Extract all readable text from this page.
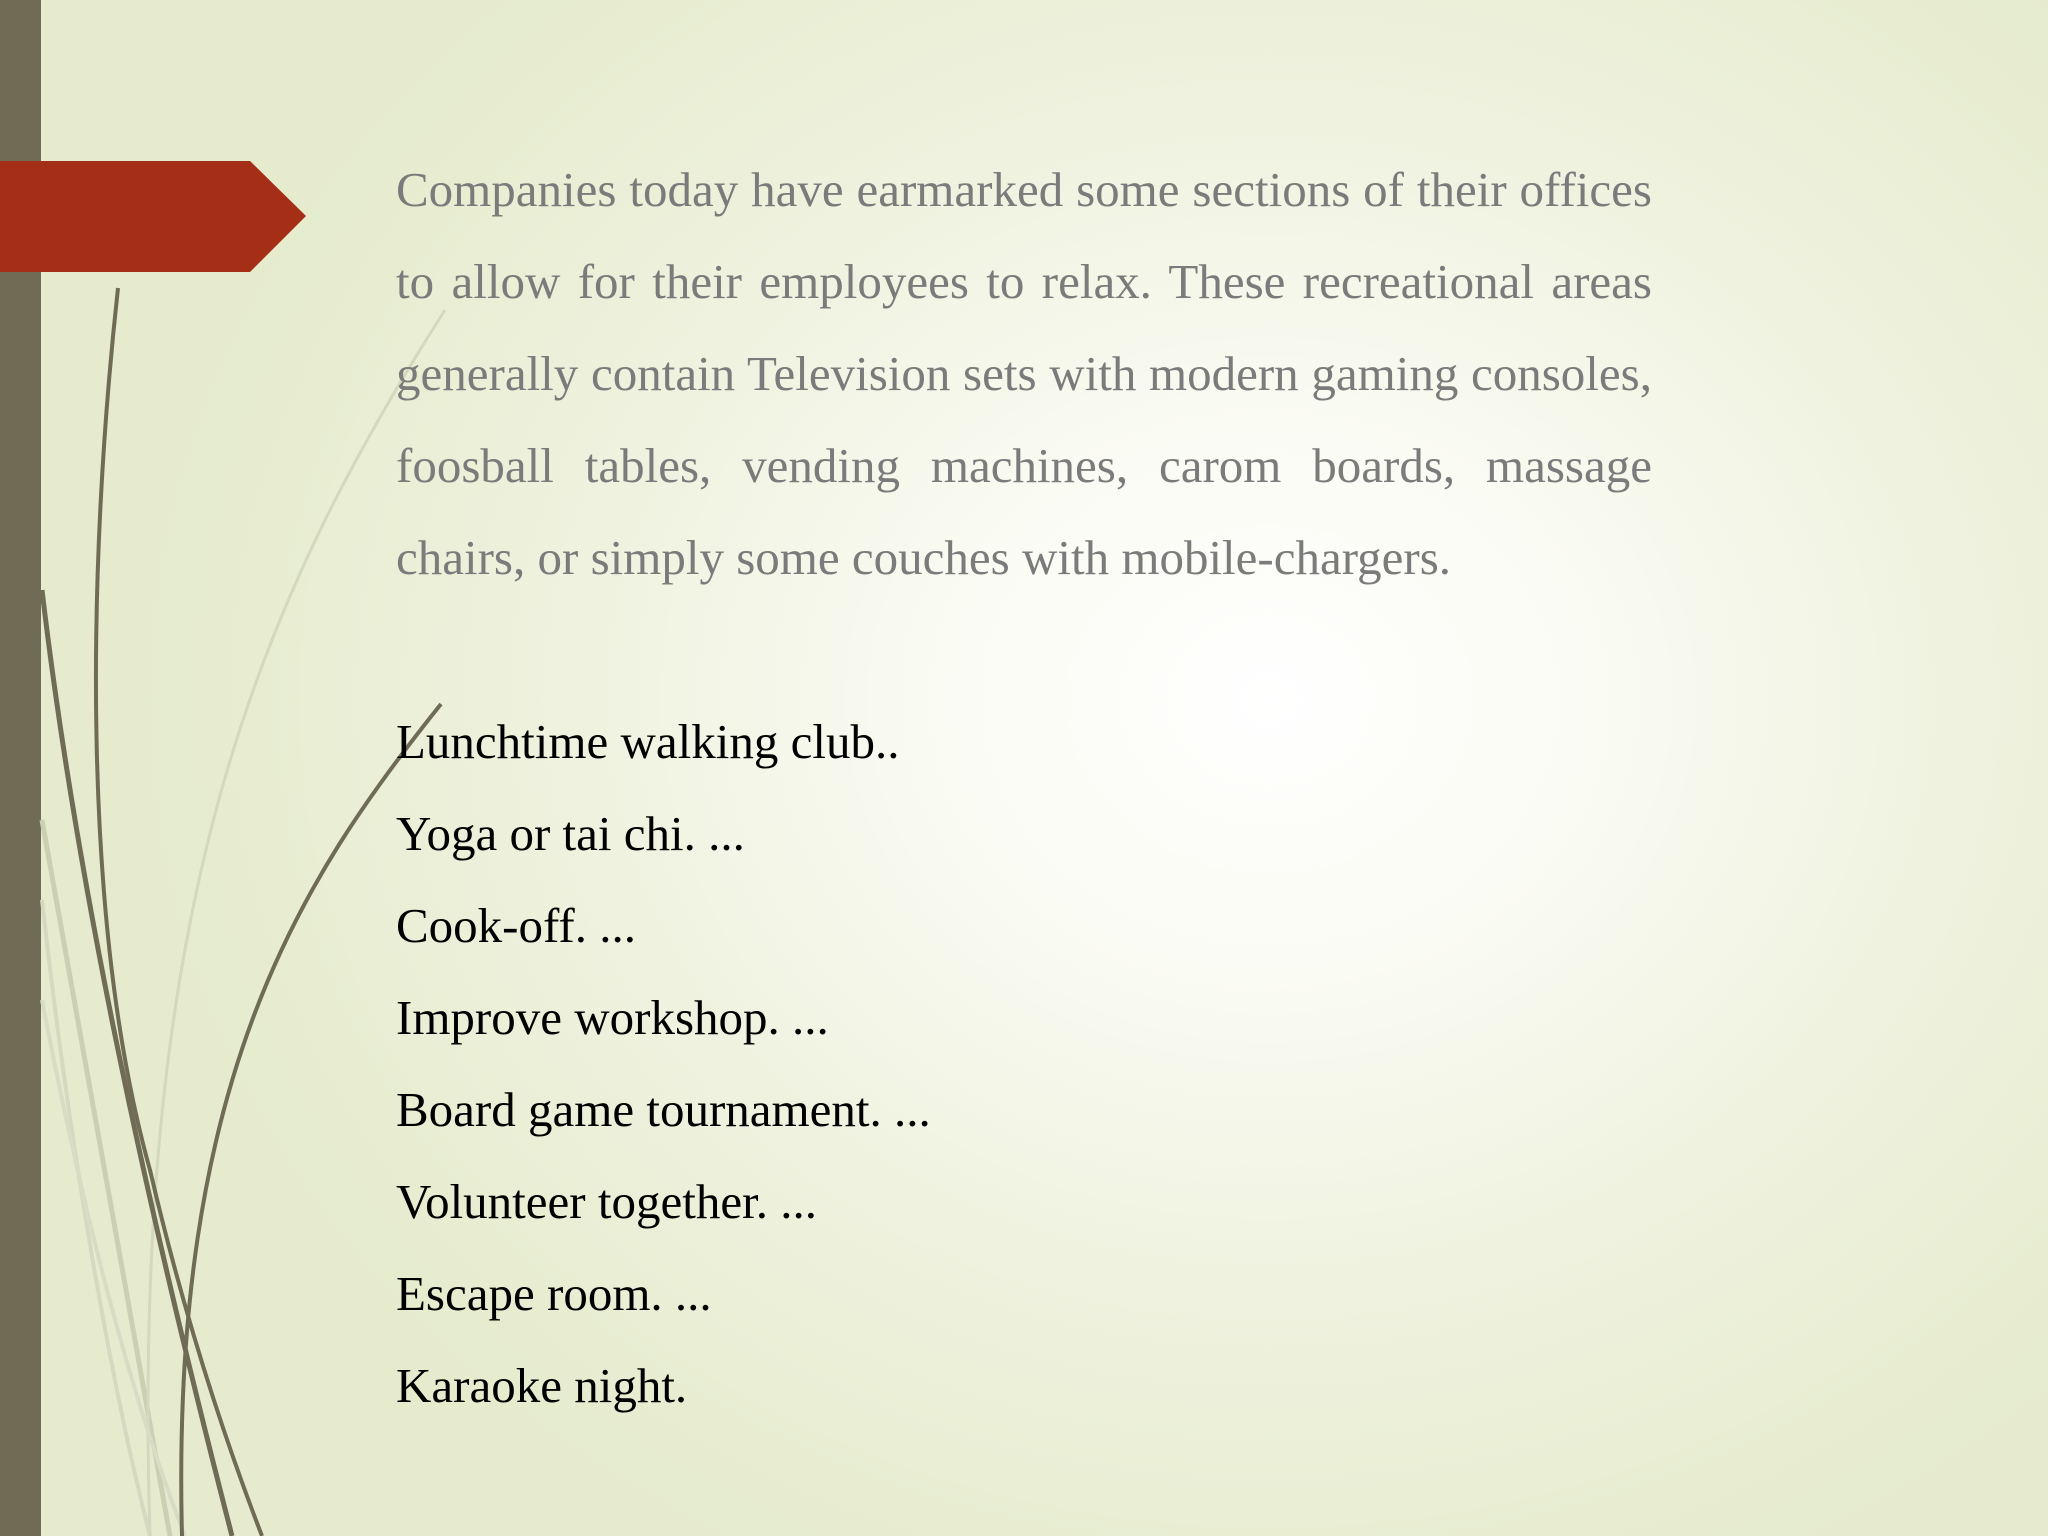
Companies today have earmarked some sections of their offices to allow for their employees to relax. These recreational areas generally contain Television sets with modern gaming consoles, foosball tables, vending machines, carom boards, massage chairs, or simply some couches with mobile-chargers.

Lunchtime walking club..
Yoga or tai chi. ...
Cook-off. ...
Improve workshop. ...
Board game tournament. ...
Volunteer together. ...
Escape room. ...
Karaoke night.
